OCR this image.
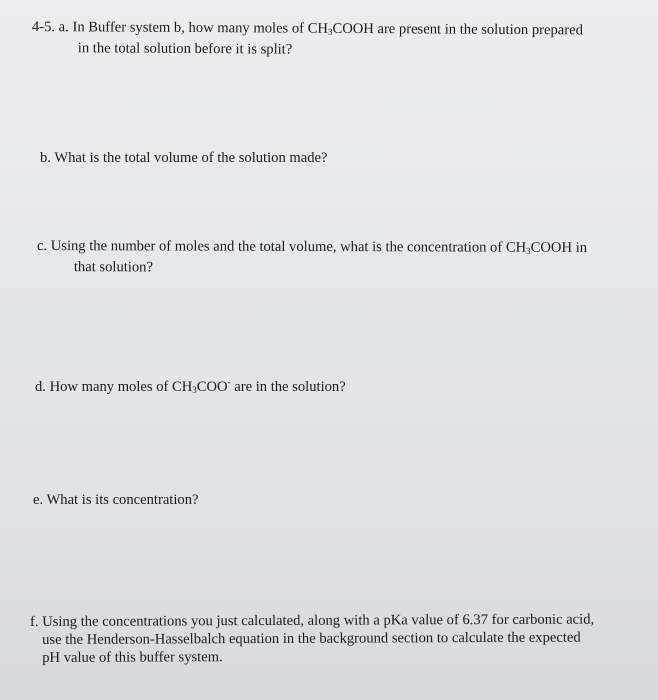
4-5. a. In Buffer system b, how many moles of $CH_3COOH$ are present in the solution prepared
in the total solution before it is split?
b. What is the total volume of the solution made?
c. Using the number of moles and the total volume, what is the concentration of $CH_3COOH$ in
that solution?
d. How many moles of $CH_3COO^-$ are in the solution?
e. What is its concentration?
f. Using the concentrations you just calculated, along with a pKa value of 6.37 for carbonic acid,
use the Henderson-Hasselbalch equation in the background section to calculate the expected
pH value of this buffer system.
